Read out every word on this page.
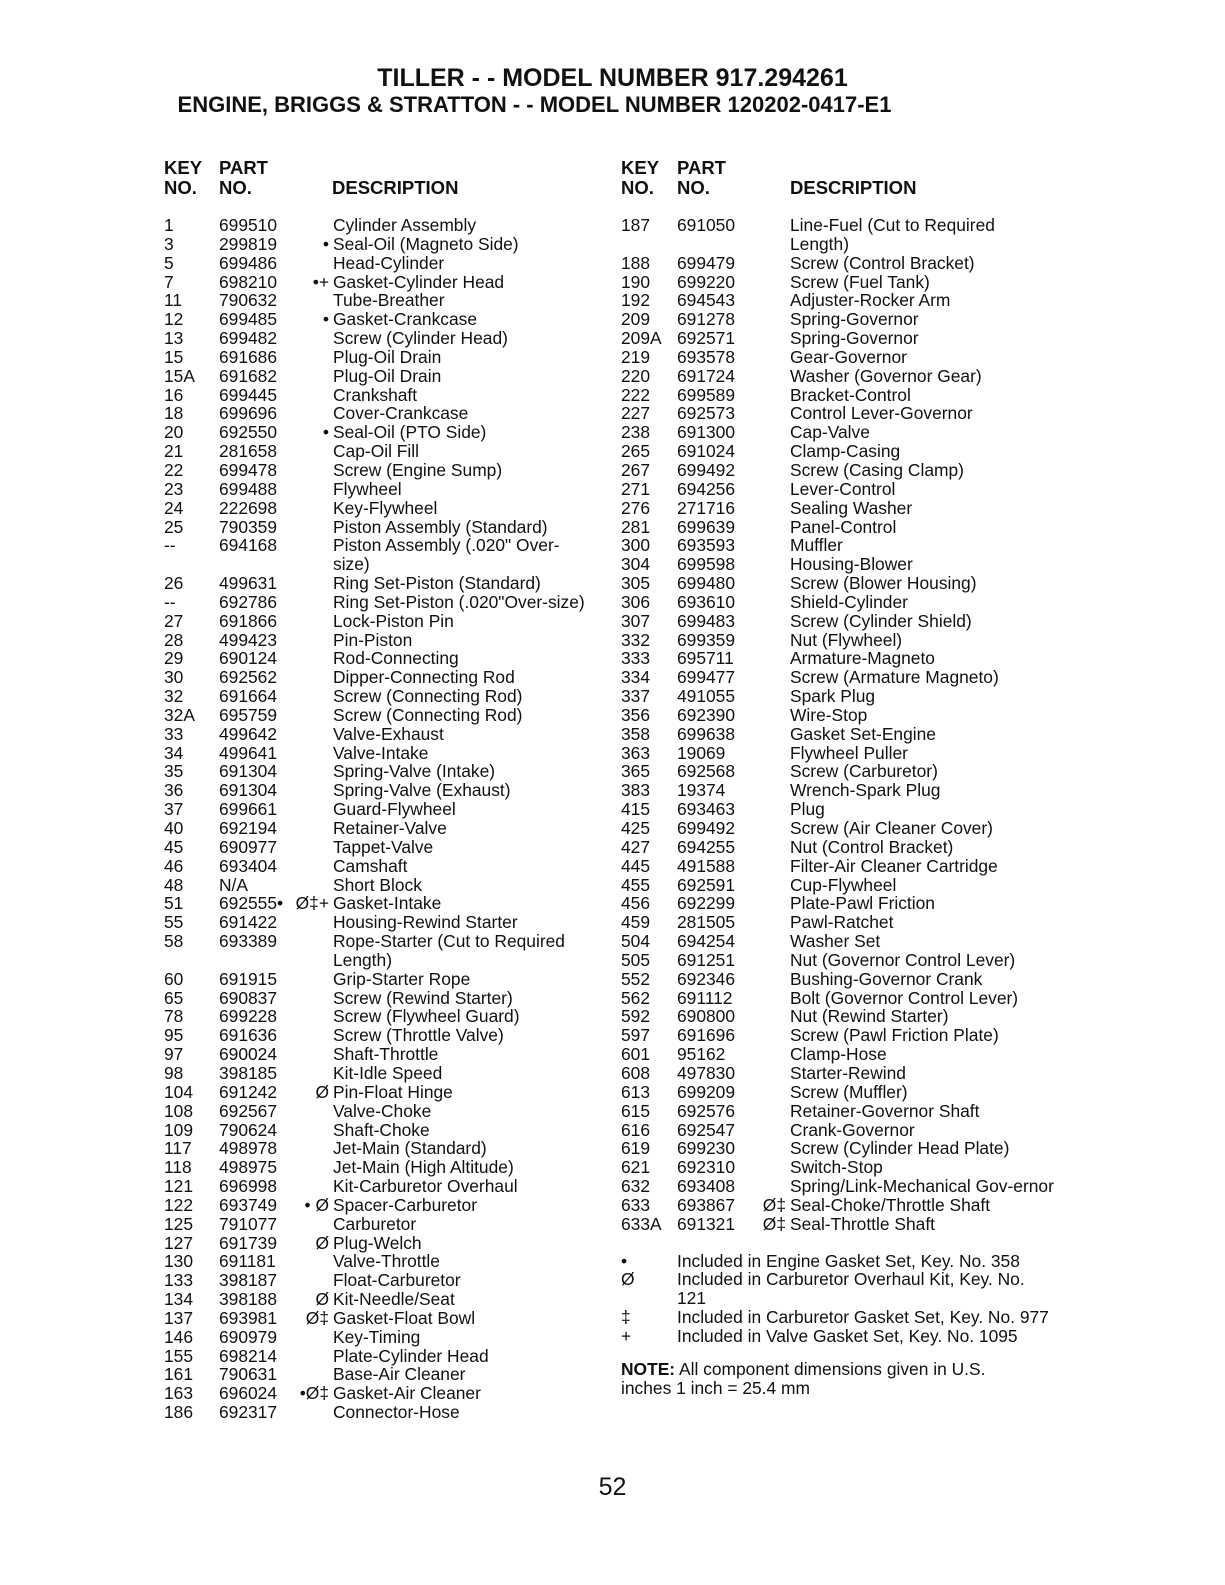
TILLER - - MODEL NUMBER 917.294261
ENGINE, BRIGGS & STRATTON - - MODEL NUMBER 120202-0417-E1
KEY
NO.
PART
NO.	DESCRIPTION
1	699510	Cylinder Assembly
3	299819	• Seal-Oil (Magneto Side)
5	699486	Head-Cylinder
7	698210 •+ Gasket-Cylinder Head
11 790632	Tube-Breather
12 699485	• Gasket-Crankcase
13 699482	Screw (Cylinder Head)
15 691686	Plug-Oil Drain
15A 691682	Plug-Oil Drain
16 699445	Crankshaft
18 699696	Cover-Crankcase
20 692550	• Seal-Oil (PTO Side)
21 281658	Cap-Oil Fill
22 699478	Screw (Engine Sump)
23 699488	Flywheel
24 222698	Key-Flywheel
25 790359	Piston Assembly (Standard)
-- 694168	Piston Assembly (.020" Over-size)
26 499631	Ring Set-Piston (Standard)
-- 692786	Ring Set-Piston (.020"Over-size)
27 691866	Lock-Piston Pin
28 499423	Pin-Piston
29 690124	Rod-Connecting
30 692562	Dipper-Connecting Rod
32 691664	Screw (Connecting Rod)
32A 695759	Screw (Connecting Rod)
33 499642	Valve-Exhaust
34 499641	Valve-Intake
35 691304	Spring-Valve (Intake)
36 691304	Spring-Valve (Exhaust)
37 699661	Guard-Flywheel
40 692194	Retainer-Valve
45 690977	Tappet-Valve
46 693404	Camshaft
48 N/A	Short Block
51 692555• Ø‡+ Gasket-Intake
55 691422	Housing-Rewind Starter
58 693389	Rope-Starter (Cut to Required Length)
60 691915	Grip-Starter Rope
65 690837	Screw (Rewind Starter)
78 699228	Screw (Flywheel Guard)
95 691636	Screw (Throttle Valve)
97 690024	Shaft-Throttle
98 398185	Kit-Idle Speed
104 691242 Ø Pin-Float Hinge
108 692567	Valve-Choke
109 790624	Shaft-Choke
117 498978	Jet-Main (Standard)
118 498975	Jet-Main (High Altitude)
121 696998	Kit-Carburetor Overhaul
122 693749 • Ø Spacer-Carburetor
125 791077	Carburetor
127 691739 Ø Plug-Welch
130 691181	Valve-Throttle
133 398187	Float-Carburetor
134 398188 Ø Kit-Needle/Seat
137 693981 Ø‡ Gasket-Float Bowl
146 690979	Key-Timing
155 698214	Plate-Cylinder Head
161 790631	Base-Air Cleaner
163 696024 •Ø‡ Gasket-Air Cleaner
186 692317	Connector-Hose
KEY
NO.
PART
NO.	DESCRIPTION
187 691050	Line-Fuel (Cut to Required Length)
188 699479	Screw (Control Bracket)
190 699220	Screw (Fuel Tank)
192 694543	Adjuster-Rocker Arm
209 691278	Spring-Governor
209A 692571	Spring-Governor
219 693578	Gear-Governor
220 691724	Washer (Governor Gear)
222 699589	Bracket-Control
227 692573	Control Lever-Governor
238 691300	Cap-Valve
265 691024	Clamp-Casing
267 699492	Screw (Casing Clamp)
271 694256	Lever-Control
276 271716	Sealing Washer
281 699639	Panel-Control
300 693593	Muffler
304 699598	Housing-Blower
305 699480	Screw (Blower Housing)
306 693610	Shield-Cylinder
307 699483	Screw (Cylinder Shield)
332 699359	Nut (Flywheel)
333 695711	Armature-Magneto
334 699477	Screw (Armature Magneto)
337 491055	Spark Plug
356 692390	Wire-Stop
358 699638	Gasket Set-Engine
363 19069	Flywheel Puller
365 692568	Screw (Carburetor)
383 19374	Wrench-Spark Plug
415 693463	Plug
425 699492	Screw (Air Cleaner Cover)
427 694255	Nut (Control Bracket)
445 491588	Filter-Air Cleaner Cartridge
455 692591	Cup-Flywheel
456 692299	Plate-Pawl Friction
459 281505	Pawl-Ratchet
504 694254	Washer Set
505 691251	Nut (Governor Control Lever)
552 692346	Bushing-Governor Crank
562 691112	Bolt (Governor Control Lever)
592 690800	Nut (Rewind Starter)
597 691696	Screw (Pawl Friction Plate)
601 95162	Clamp-Hose
608 497830	Starter-Rewind
613 699209	Screw (Muffler)
615 692576	Retainer-Governor Shaft
616 692547	Crank-Governor
619 699230	Screw (Cylinder Head Plate)
621 692310	Switch-Stop
632 693408	Spring/Link-Mechanical Gov-ernor
633 693867 Ø‡ Seal-Choke/Throttle Shaft
633A 691321 Ø‡ Seal-Throttle Shaft
•	Included in Engine Gasket Set, Key. No. 358
Ø Included in Carburetor Overhaul Kit, Key. No. 121
‡	Included in Carburetor Gasket Set, Key. No. 977
+	Included in Valve Gasket Set, Key. No. 1095
NOTE: All component dimensions given in U.S. inches 1 inch = 25.4 mm
52
